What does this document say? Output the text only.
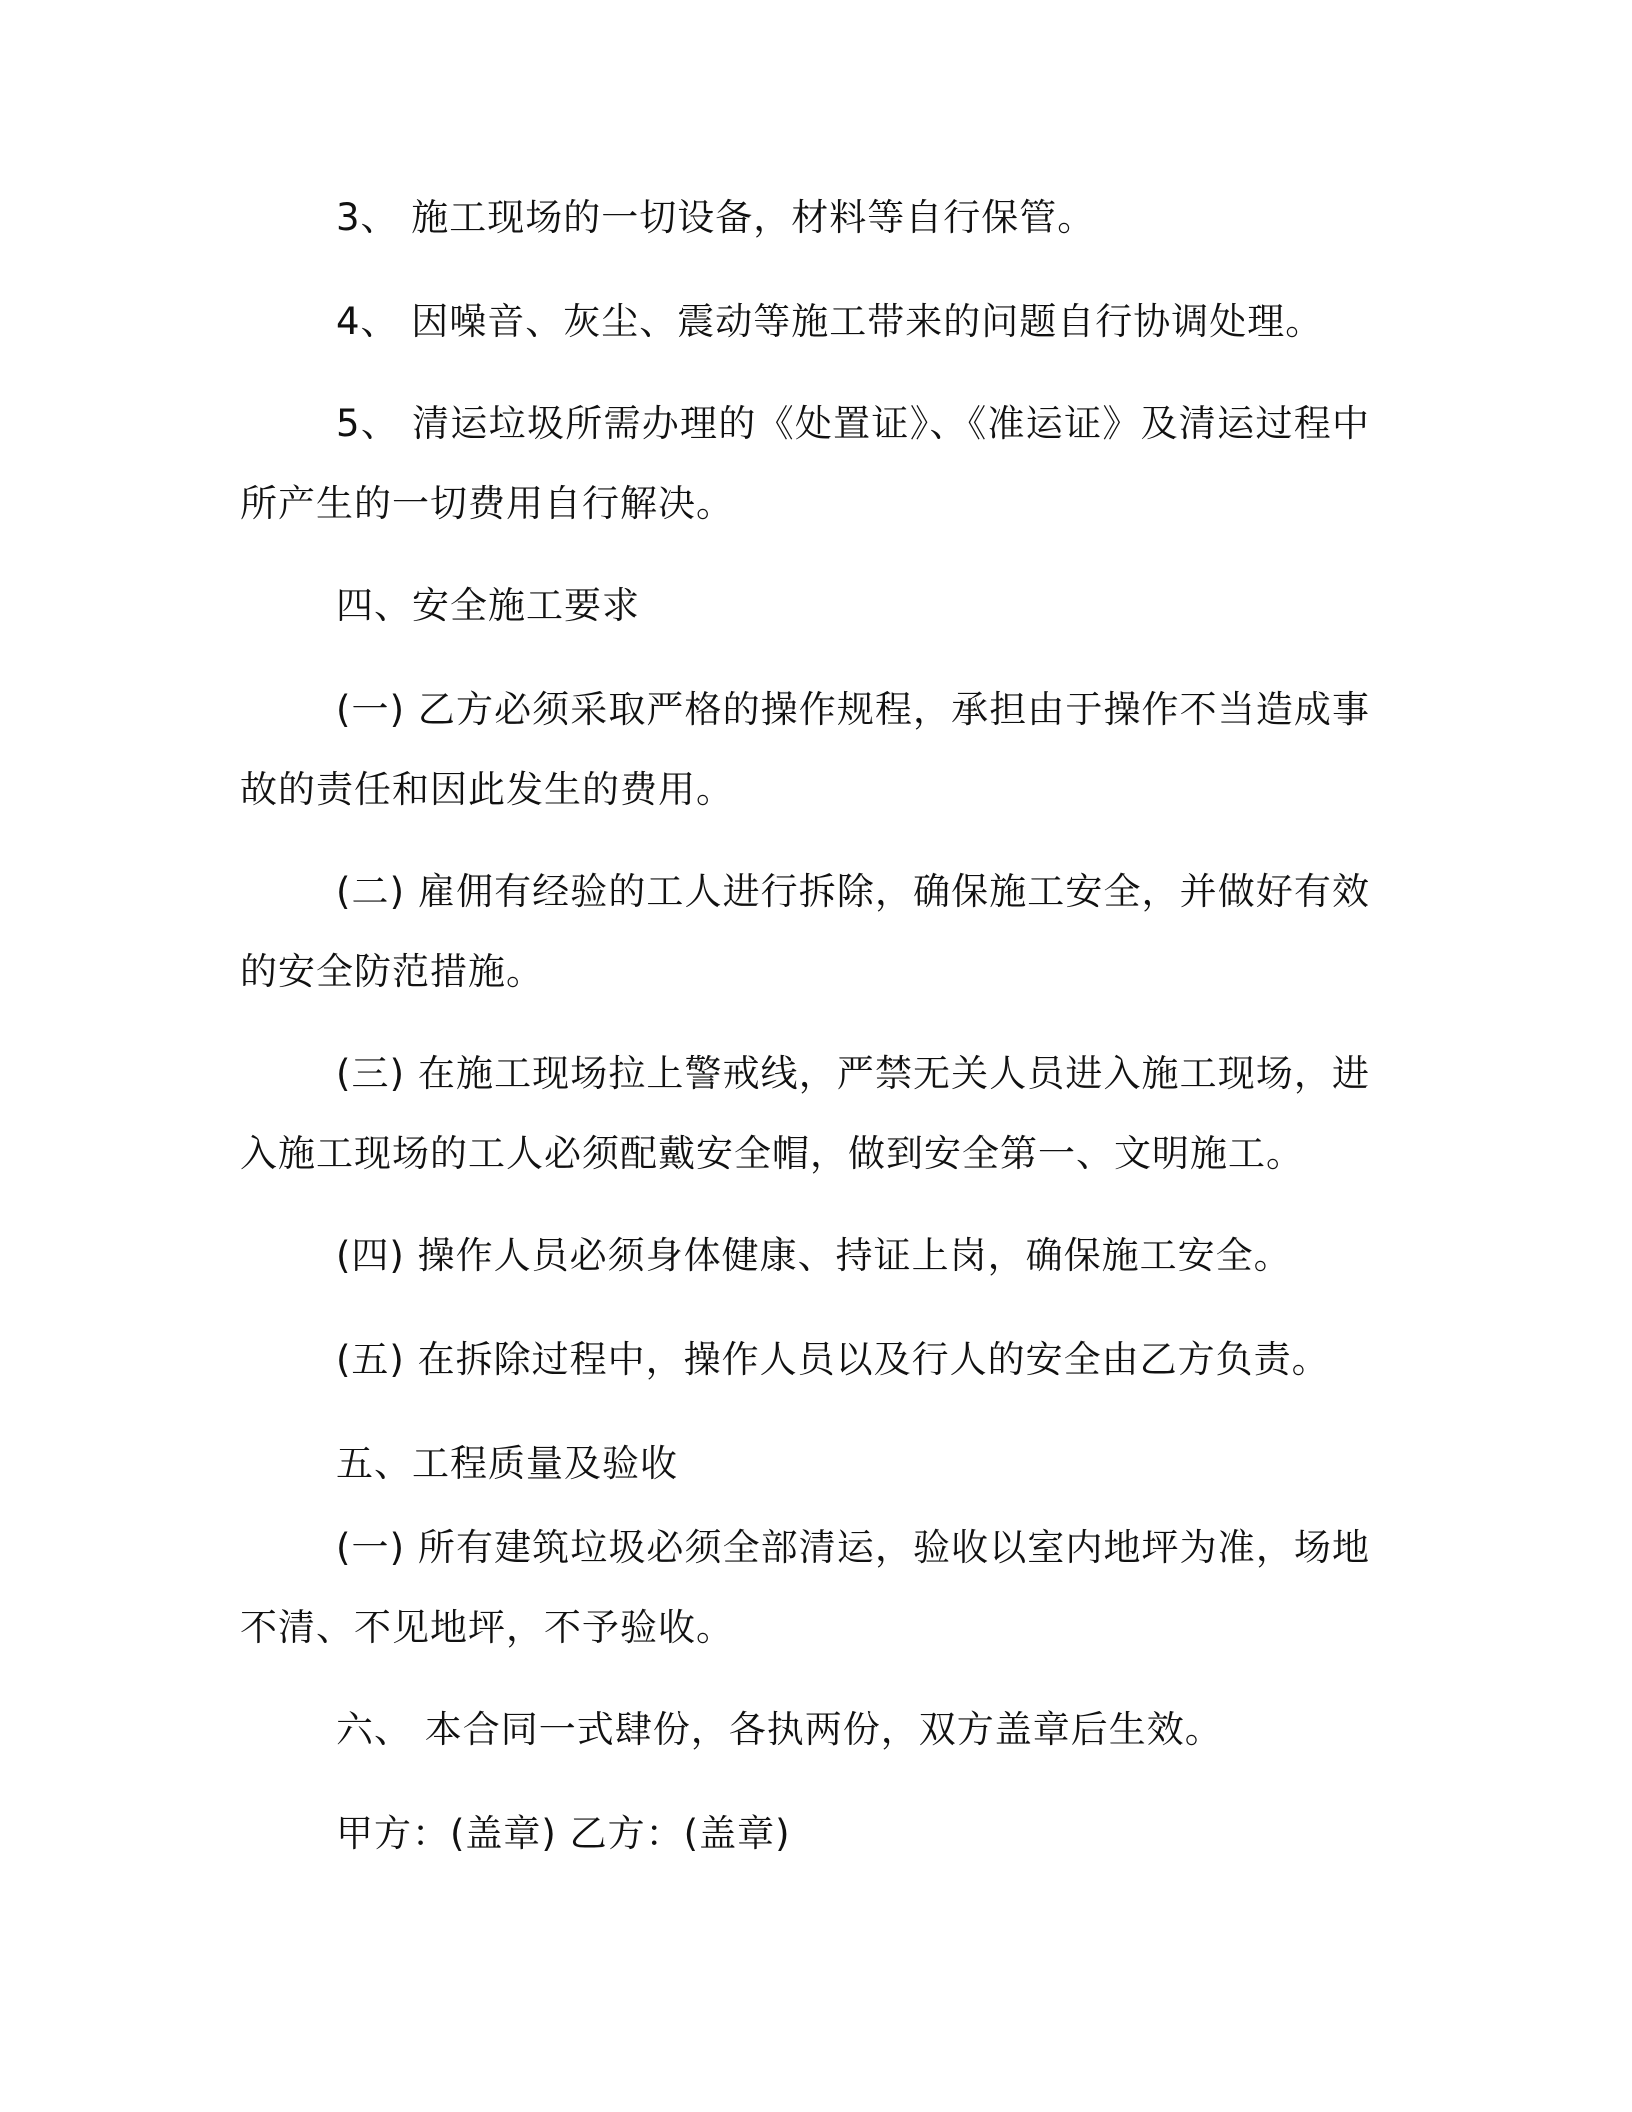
3、 施工现场的一切设备，材料等自行保管。
4、 因噪音、灰尘、震动等施工带来的问题自行协调处理。
5、 清运垃圾所需办理的《处置证》、《准运证》及清运过程中所产生的一切费用自行解决。
四、安全施工要求
(一) 乙方必须采取严格的操作规程，承担由于操作不当造成事故的责任和因此发生的费用。
(二) 雇佣有经验的工人进行拆除，确保施工安全，并做好有效的安全防范措施。
(三) 在施工现场拉上警戒线，严禁无关人员进入施工现场，进入施工现场的工人必须配戴安全帽，做到安全第一、文明施工。
(四) 操作人员必须身体健康、持证上岗，确保施工安全。
(五) 在拆除过程中，操作人员以及行人的安全由乙方负责。
五、工程质量及验收
(一) 所有建筑垃圾必须全部清运，验收以室内地坪为准，场地不清、不见地坪，不予验收。
六、 本合同一式肆份，各执两份，双方盖章后生效。
甲方：(盖章) 乙方：(盖章)
